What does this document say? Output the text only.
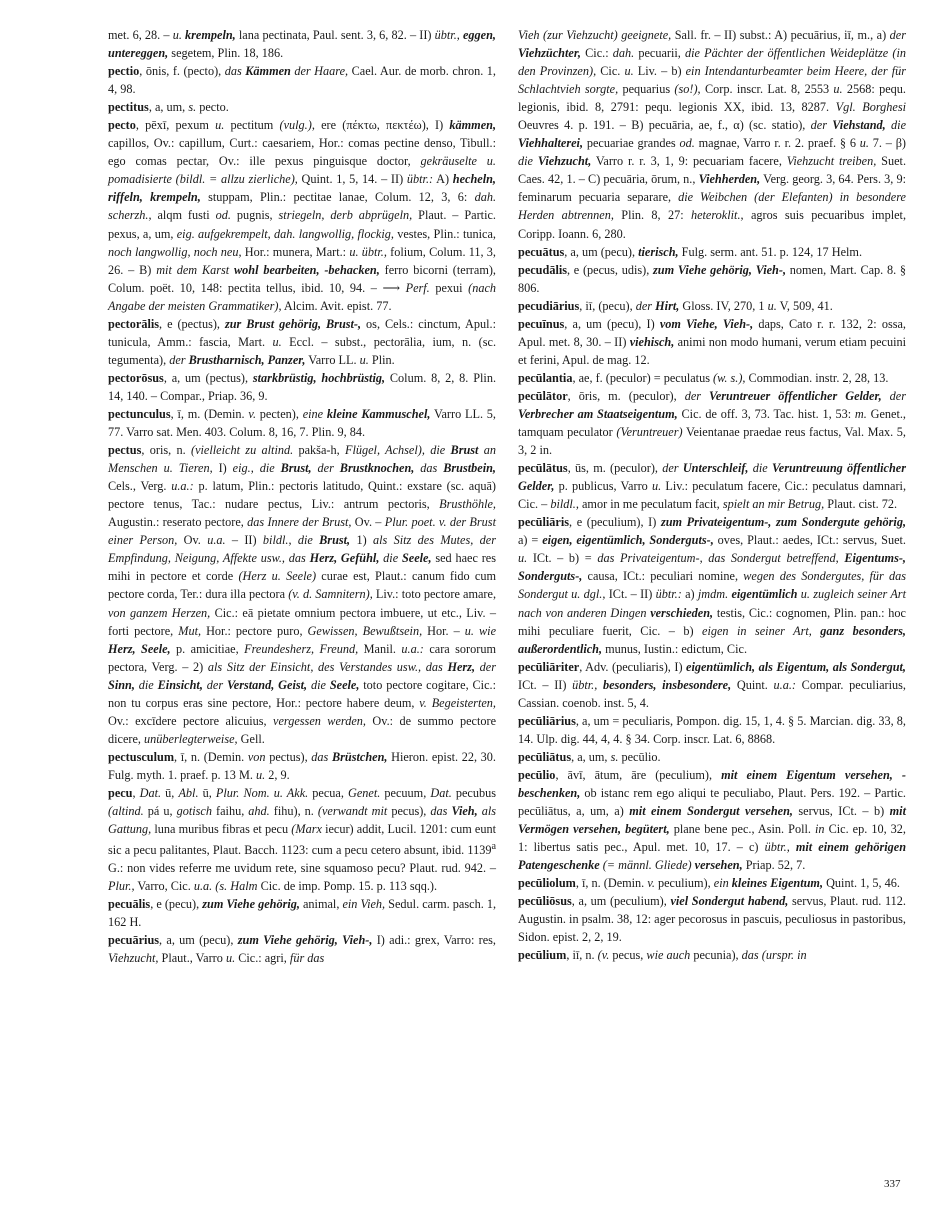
met. 6, 28. – u. krempeln, lana pectinata, Paul. sent. 3, 6, 82. – II) übtr., eggen, untereggen, segetem, Plin. 18, 186.

pectio, ōnis, f. (pecto), das Kämmen der Haare, Cael. Aur. de morb. chron. 1, 4, 98.

pectitus, a, um, s. pecto.

pecto, pēxī, pexum u. pectitum (vulg.), ere (πέκτω, πεκτέω), I) kämmen, capillos, Ov.: capillum, Curt.: caesariem, Hor.: comas pectine denso, Tibull.: ego comas pectar, Ov.: ille pexus pinguisque doctor, gekräuselte u. pomadisierte (bildl. = allzu zierliche), Quint. 1, 5, 14. – II) übtr.: A) hecheln, riffeln, krempeln, stuppam, Plin.: pectitae lanae, Colum. 12, 3, 6: dah. scherzh., alqm fusti od. pugnis, striegeln, derb abprügeln, Plaut. – Partic. pexus, a, um, eig. aufgekrempelt, dah. langwollig, flockig, vestes, Plin.: tunica, noch langwollig, noch neu, Hor.: munera, Mart.: u. übtr., folium, Colum. 11, 3, 26. – B) mit dem Karst wohl bearbeiten, -behacken, ferro bicorni (terram), Colum. poët. 10, 148: pectita tellus, ibid. 10, 94. – ⟶ Perf. pexui (nach Angabe der meisten Grammatiker), Alcim. Avit. epist. 77.

pectorālis, e (pectus), zur Brust gehörig, Brust-, os, Cels.: cinctum, Apul.: tunicula, Amm.: fascia, Mart. u. Eccl. – subst., pectorālia, ium, n. (sc. tegumenta), der Brustharnisch, Panzer, Varro LL. u. Plin.

pectorōsus, a, um (pectus), starkbrüstig, hochbrüstig, Colum. 8, 2, 8. Plin. 14, 140. – Compar., Priap. 36, 9.

pectunculus, ī, m. (Demin. v. pecten), eine kleine Kammuschel, Varro LL. 5, 77. Varro sat. Men. 403. Colum. 8, 16, 7. Plin. 9, 84.

pectus, oris, n. (vielleicht zu altind. pakša-h, Flügel, Achsel), die Brust an Menschen u. Tieren, I) eig., die Brust, der Brustknochen, das Brustbein, Cels., Verg. u.a.: p. latum, Plin.: pectoris latitudo, Quint.: exstare (sc. aquā) pectore tenus, Tac.: nudare pectus, Liv.: antrum pectoris, Brusthöhle, Augustin.: reserato pectore, das Innere der Brust, Ov. – Plur. poet. v. der Brust einer Person, Ov. u.a. – II) bildl., die Brust, 1) als Sitz des Mutes, der Empfindung, Neigung, Affekte usw., das Herz, Gefühl, die Seele, sed haec res mihi in pectore et corde (Herz u. Seele) curae est, Plaut.: canum fido cum pectore corda, Ter.: dura illa pectora (v. d. Samnitern), Liv.: toto pectore amare, von ganzem Herzen, Cic.: eā pietate omnium pectora imbuere, ut etc., Liv. – forti pectore, Mut, Hor.: pectore puro, Gewissen, Bewußtsein, Hor. – u. wie Herz, Seele, p. amicitiae, Freundesherz, Freund, Manil. u.a.: cara sororum pectora, Verg. – 2) als Sitz der Einsicht, des Verstandes usw., das Herz, der Sinn, die Einsicht, der Verstand, Geist, die Seele, toto pectore cogitare, Cic.: non tu corpus eras sine pectore, Hor.: pectore habere deum, v. Begeisterten, Ov.: excīdere pectore alicuius, vergessen werden, Ov.: de summo pectore dicere, unüberlegterweise, Gell.

pectusculum, ī, n. (Demin. von pectus), das Brüstchen, Hieron. epist. 22, 30. Fulg. myth. 1. praef. p. 13 M. u. 2, 9.

pecu, Dat. ū, Abl. ū, Plur. Nom. u. Akk. pecua, Genet. pecuum, Dat. pecubus (altind. pá u, gotisch faihu, ahd. fihu), n. (verwandt mit pecus), das Vieh, als Gattung, luna muribus fibras et pecu (Marx iecur) addit, Lucil. 1201: cum eunt sic a pecu palitantes, Plaut. Bacch. 1123: cum a pecu cetero absunt, ibid. 1139$^a$ G.: non vides referre me uvidum rete, sine squamoso pecu? Plaut. rud. 942. – Plur., Varro, Cic. u.a. (s. Halm Cic. de imp. Pomp. 15. p. 113 sqq.).

pecuālis, e (pecu), zum Viehe gehörig, animal, ein Vieh, Sedul. carm. pasch. 1, 162 H.

pecuārius, a, um (pecu), zum Viehe gehörig, Vieh-, I) adi.: grex, Varro: res, Viehzucht, Plaut., Varro u. Cic.: agri, für das

Vieh (zur Viehzucht) geeignete, Sall. fr. – II) subst.: A) pecuārius, iī, m., a) der Viehzüchter, Cic.: dah. pecuarii, die Pächter der öffentlichen Weideplätze (in den Provinzen), Cic. u. Liv. – b) ein Intendanturbeamter beim Heere, der für Schlachtvieh sorgte, pequarius (so!), Corp. inscr. Lat. 8, 2553 u. 2568: pequ. legionis, ibid. 8, 2791: pequ. legionis XX, ibid. 13, 8287. Vgl. Borghesi Oeuvres 4. p. 191. – B) pecuāria, ae, f., α) (sc. statio), der Viehstand, die Viehhalterei, pecuariae grandes od. magnae, Varro r. r. 2. praef. § 6 u. 7. – β) die Viehzucht, Varro r. r. 3, 1, 9: pecuariam facere, Viehzucht treiben, Suet. Caes. 42, 1. – C) pecuāria, ōrum, n., Viehherden, Verg. georg. 3, 64. Pers. 3, 9: feminarum pecuaria separare, die Weibchen (der Elefanten) in besondere Herden abtrennen, Plin. 8, 27: heteroklit., agros suis pecuaribus implet, Coripp. Ioann. 6, 280.

pecuātus, a, um (pecu), tierisch, Fulg. serm. ant. 51. p. 124, 17 Helm.

pecudālis, e (pecus, udis), zum Viehe gehörig, Vieh-, nomen, Mart. Cap. 8. § 806.

pecudiārius, iī, (pecu), der Hirt, Gloss. IV, 270, 1 u. V, 509, 41.

pecuīnus, a, um (pecu), I) vom Viehe, Vieh-, daps, Cato r. r. 132, 2: ossa, Apul. met. 8, 30. – II) viehisch, animi non modo humani, verum etiam pecuini et ferini, Apul. de mag. 12.

pecūlantia, ae, f. (peculor) = peculatus (w. s.), Commodian. instr. 2, 28, 13.

pecūlātor, ōris, m. (peculor), der Veruntreuer öffentlicher Gelder, der Verbrecher am Staatseigentum, Cic. de off. 3, 73. Tac. hist. 1, 53: m. Genet., tamquam peculator (Veruntreuer) Veientanae praedae reus factus, Val. Max. 5, 3, 2 in.

pecūlātus, ūs, m. (peculor), der Unterschleif, die Veruntreuung öffentlicher Gelder, p. publicus, Varro u. Liv.: peculatum facere, Cic.: peculatus damnari, Cic. – bildl., amor in me peculatum facit, spielt an mir Betrug, Plaut. cist. 72.

pecūliāris, e (peculium), I) zum Privateigentum-, zum Sondergute gehörig, a) = eigen, eigentümlich, Sonderguts-, oves, Plaut.: aedes, ICt.: servus, Suet. u. ICt. – b) = das Privateigentum-, das Sondergut betreffend, Eigentums-, Sonderguts-, causa, ICt.: peculiari nomine, wegen des Sondergutes, für das Sondergut u. dgl., ICt. – II) übtr.: a) jmdm. eigentümlich u. zugleich seiner Art nach von anderen Dingen verschieden, testis, Cic.: cognomen, Plin. pan.: hoc mihi peculiare fuerit, Cic. – b) eigen in seiner Art, ganz besonders, außerordentlich, munus, Iustin.: edictum, Cic.

pecūliāriter, Adv. (peculiaris), I) eigentümlich, als Eigentum, als Sondergut, ICt. – II) übtr., besonders, insbesondere, Quint. u.a.: Compar. peculiarius, Cassian. coenob. inst. 5, 4.

pecūliārius, a, um = peculiaris, Pompon. dig. 15, 1, 4. § 5. Marcian. dig. 33, 8, 14. Ulp. dig. 44, 4, 4. § 34. Corp. inscr. Lat. 6, 8868.

pecūliātus, a, um, s. pecūlio.

pecūlio, āvī, ātum, āre (peculium), mit einem Eigentum versehen, -beschenken, ob istanc rem ego aliqui te peculiabo, Plaut. Pers. 192. – Partic. pecūliātus, a, um, a) mit einem Sondergut versehen, servus, ICt. – b) mit Vermögen versehen, begütert, plane bene pec., Asin. Poll. in Cic. ep. 10, 32, 1: libertus satis pec., Apul. met. 10, 17. – c) übtr., mit einem gehörigen Patengeschenke (= männl. Gliede) versehen, Priap. 52, 7.

pecūliolum, ī, n. (Demin. v. peculium), ein kleines Eigentum, Quint. 1, 5, 46.

pecūliōsus, a, um (peculium), viel Sondergut habend, servus, Plaut. rud. 112. Augustin. in psalm. 38, 12: ager pecorosus in pascuis, peculiosus in pastoribus, Sidon. epist. 2, 2, 19.

pecūlium, iī, n. (v. pecus, wie auch pecunia), das (urspr. in

337
